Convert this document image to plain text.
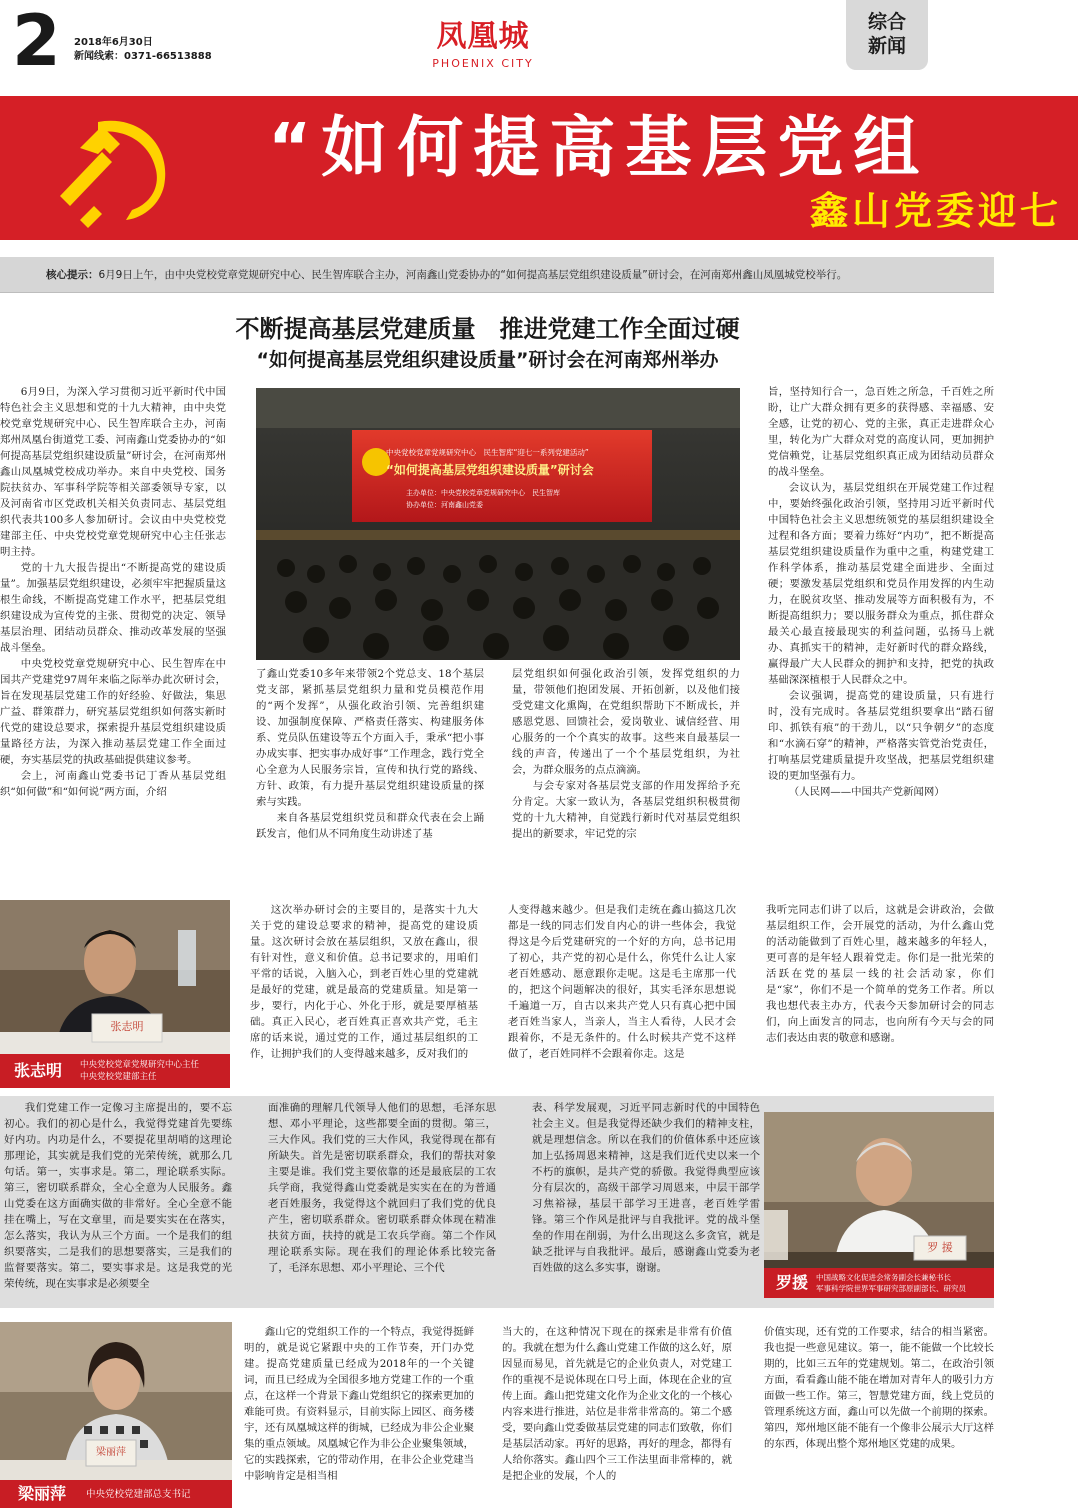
2 2018年6月30日
新闻线索：0371-66513888
凤凰城
PHOENIX CITY
综合 新闻
“如何提高基层党组
鑫山党委迎七
核心提示：6月9日上午，由中央党校党章党规研究中心、民生智库联合主办，河南鑫山党委协办的“如何提高基层党组织建设质量”研讨会，在河南郑州鑫山凤凰城党校举行。
不断提高基层党建质量　推进党建工作全面过硬
“如何提高基层党组织建设质量”研讨会在河南郑州举办

6月9日，为深入学习贯彻习近平新时代中国特色社会主义思想和党的十九大精神，由中央党校党章党规研究中心、民生智库联合主办，河南郑州凤凰台街道党工委、河南鑫山党委协办的“如何提高基层党组织建设质量”研讨会，在河南郑州鑫山凤凰城党校成功举办。来自中央党校、国务院扶贫办、军事科学院等相关部委领导专家，以及河南省市区党政机关相关负责同志、基层党组织代表共100多人参加研讨。会议由中央党校党建部主任、中央党校党章党规研究中心主任张志明主持。

党的十九大报告提出“不断提高党的建设质量”。加强基层党组织建设，必须牢牢把握质量这根生命线，不断提高党建工作水平，把基层党组织建设成为宣传党的主张、贯彻党的决定、领导基层治理、团结动员群众、推动改革发展的坚强战斗堡垒。

中央党校党章党规研究中心、民生智库在中国共产党建党97周年来临之际举办此次研讨会，旨在发现基层党建工作的好经验、好做法，集思广益、群策群力，研究基层党组织如何落实新时代党的建设总要求，探索提升基层党组织建设质量路径方法，为深入推动基层党建工作全面过硬，夯实基层党的执政基础提供建议参考。

会上，河南鑫山党委书记丁香从基层党组织“如何做”和“如何说”两方面，介绍

中央党校党章党规研究中心　民生智库“迎七一系列党建活动”
“如何提高基层党组织建设质量”研讨会
主办单位：中央党校党章党规研究中心　民生智库
协办单位：河南鑫山党委

了鑫山党委10多年来带领2个党总支、18个基层党支部，紧抓基层党组织力量和党员模范作用的“两个发挥”，从强化政治引领、完善组织建设、加强制度保障、严格责任落实、构建服务体系、党员队伍建设等五个方面入手，秉承“把小事办成实事、把实事办成好事”工作理念，践行党全心全意为人民服务宗旨，宣传和执行党的路线、方针、政策，有力提升基层党组织建设质量的探索与实践。

来自各基层党组织党员和群众代表在会上踊跃发言，他们从不同角度生动讲述了基

层党组织如何强化政治引领，发挥党组织的力量，带领他们抱团发展、开拓创新，以及他们接受党建文化熏陶，在党组织帮助下不断成长，并感恩党恩、回馈社会，爱岗敬业、诚信经营、用心服务的一个个真实的故事。这些来自最基层一线的声音，传递出了一个个基层党组织，为社会，为群众服务的点点滴滴。

与会专家对各基层党支部的作用发挥给予充分肯定。大家一致认为，各基层党组织积极贯彻党的十九大精神，自觉践行新时代对基层党组织提出的新要求，牢记党的宗

旨，坚持知行合一，急百姓之所急，千百姓之所盼，让广大群众拥有更多的获得感、幸福感、安全感，让党的初心、党的主张，真正走进群众心里，转化为广大群众对党的高度认同，更加拥护党信赖党，让基层党组织真正成为团结动员群众的战斗堡垒。

会议认为，基层党组织在开展党建工作过程中，要始终强化政治引领，坚持用习近平新时代中国特色社会主义思想统领党的基层组织建设全过程和各方面；要着力练好“内功”，把不断提高基层党组织建设质量作为重中之重，构建党建工作科学体系，推动基层党建全面进步、全面过硬；要激发基层党组织和党员作用发挥的内生动力，在脱贫攻坚、推动发展等方面积极有为，不断提高组织力；要以服务群众为重点，抓住群众最关心最直接最现实的利益问题，弘扬马上就办、真抓实干的精神，走好新时代的群众路线，赢得最广大人民群众的拥护和支持，把党的执政基础深深植根于人民群众之中。

会议强调，提高党的建设质量，只有进行时，没有完成时。各基层党组织要拿出“踏石留印、抓铁有痕”的干劲儿，以“只争朝夕”的态度和“水滴石穿”的精神，严格落实管党治党责任，打响基层党建质量提升攻坚战，把基层党组织建设的更加坚强有力。

（人民网——中国共产党新闻网）

张志明
张志明 中央党校党章党规研究中心主任
中央党校党建部主任

这次举办研讨会的主要目的，是落实十九大关于党的建设总要求的精神，提高党的建设质量。这次研讨会放在基层组织，又放在鑫山，很有针对性，意义和价值。总书记要求的，用咱们平常的话说，入脑入心，到老百姓心里的党建就是最好的党建，就是最高的党建质量。知是第一步，要行，内化于心、外化于形，就是要厚植基础。真正入民心，老百姓真正喜欢共产党，毛主席的话来说，通过党的工作，通过基层组织的工作，让拥护我们的人变得越来越多，反对我们的

人变得越来越少。但是我们走统在鑫山搞这几次都是一线的同志们发自内心的讲一些体会，我觉得这是今后党建研究的一个好的方向，总书记用了初心，共产党的初心是什么，你凭什么让人家老百姓感动、愿意跟你走呢。这是毛主席那一代的，把这个问题解决的很好，其实毛泽东思想说千遍道一万，自古以来共产党人只有真心把中国老百姓当家人，当亲人，当主人看待，人民才会跟着你，不是无条件的。什么时候共产党不这样做了，老百姓同样不会跟着你走。这是

我听完同志们讲了以后，这就是会讲政治，会做基层组织工作，会开展党的活动，为什么鑫山党的活动能做到了百姓心里，越来越多的年轻人，更可喜的是年轻人跟着党走。你们是一批光荣的活跃在党的基层一线的社会活动家，你们是“家”，你们不是一个简单的党务工作者。所以我也想代表主办方，代表今天参加研讨会的同志们，向上面发言的同志，也向所有今天与会的同志们表达由衷的敬意和感谢。

我们党建工作一定像习主席提出的，要不忘初心。我们的初心是什么，我觉得党建首先要练好内功。内功是什么，不要提花里胡哨的这理论那理论，其实就是我们党的光荣传统，就那么几句话。第一，实事求是。第二，理论联系实际。第三，密切联系群众，全心全意为人民服务。鑫山党委在这方面确实做的非常好。全心全意不能挂在嘴上，写在文章里，而是要实实在在落实，怎么落实，我认为从三个方面。一个是我们的组织要落实，二是我们的思想要落实，三是我们的监督要落实。第二，要实事求是。这是我党的光荣传统，现在实事求是必须要全

面准确的理解几代领导人他们的思想，毛泽东思想、邓小平理论，这些都要全面的贯彻。第三，三大作风。我们党的三大作风，我觉得现在都有所缺失。首先是密切联系群众，我们的帮扶对象主要是谁。我们党主要依靠的还是最底层的工农兵学商，我觉得鑫山党委就是实实在在的为普通老百姓服务，我觉得这个就回归了我们党的优良产生，密切联系群众。密切联系群众体现在精准扶贫方面，扶持的就是工农兵学商。第二个作风理论联系实际。现在我们的理论体系比较完备了，毛泽东思想、邓小平理论、三个代

表、科学发展观，习近平同志新时代的中国特色社会主义。但是我觉得还缺少我们的精神支柱，就是理想信念。所以在我们的价值体系中还应该加上弘扬周恩来精神，这是我们近代史以来一个不朽的旗帜，是共产党的骄傲。我觉得典型应该分有层次的，高级干部学习周恩来，中层干部学习焦裕禄，基层干部学习王进喜，老百姓学雷锋。第三个作风是批评与自我批评。党的战斗堡垒的作用在削弱，为什么出现这么多贪官，就是缺乏批评与自我批评。最后，感谢鑫山党委为老百姓做的这么多实事，谢谢。

罗 援
罗援 中国战略文化促进会常务副会长兼秘书长
军事科学院世界军事研究部原副部长、研究员
梁丽萍
梁丽萍 中央党校党建部总支书记

鑫山它的党组织工作的一个特点，我觉得挺鲜明的，就是说它紧跟中央的工作节奏，开门办党建。提高党建质量已经成为2018年的一个关键词，而且已经成为全国很多地方党建工作的一个重点，在这样一个背景下鑫山党组织它的探索更加的难能可贵。有资料显示，目前实际上园区、商务楼宇，还有凤凰城这样的街城，已经成为非公企业聚集的重点领域。凤凰城它作为非公企业聚集领域，它的实践探索，它的带动作用，在非公企业党建当中影响肯定是相当相

当大的，在这种情况下现在的探索是非常有价值的。我就在想为什么鑫山党建工作做的这么好，原因显而易见，首先就是它的企业负责人，对党建工作的重视不是说体现在口号上面，体现在企业的宣传上面。鑫山把党建文化作为企业文化的一个核心内容来进行推进，站位是非常非常高的。第二个感受，要向鑫山党委做基层党建的同志们致敬，你们是基层活动家。再好的思路，再好的理念，都得有人给你落实。鑫山四个三工作法里面非常棒的，就是把企业的发展，个人的

价值实现，还有党的工作要求，结合的相当紧密。我也提一些意见建议。第一，能不能做一个比较长期的，比如三五年的党建规划。第二，在政治引领方面，看看鑫山能不能在增加对青年人的吸引力方面做一些工作。第三，智慧党建方面，线上党员的管理系统这方面，鑫山可以先做一个前期的探索。第四，郑州地区能不能有一个像非公展示大厅这样的东西，体现出整个郑州地区党建的成果。
